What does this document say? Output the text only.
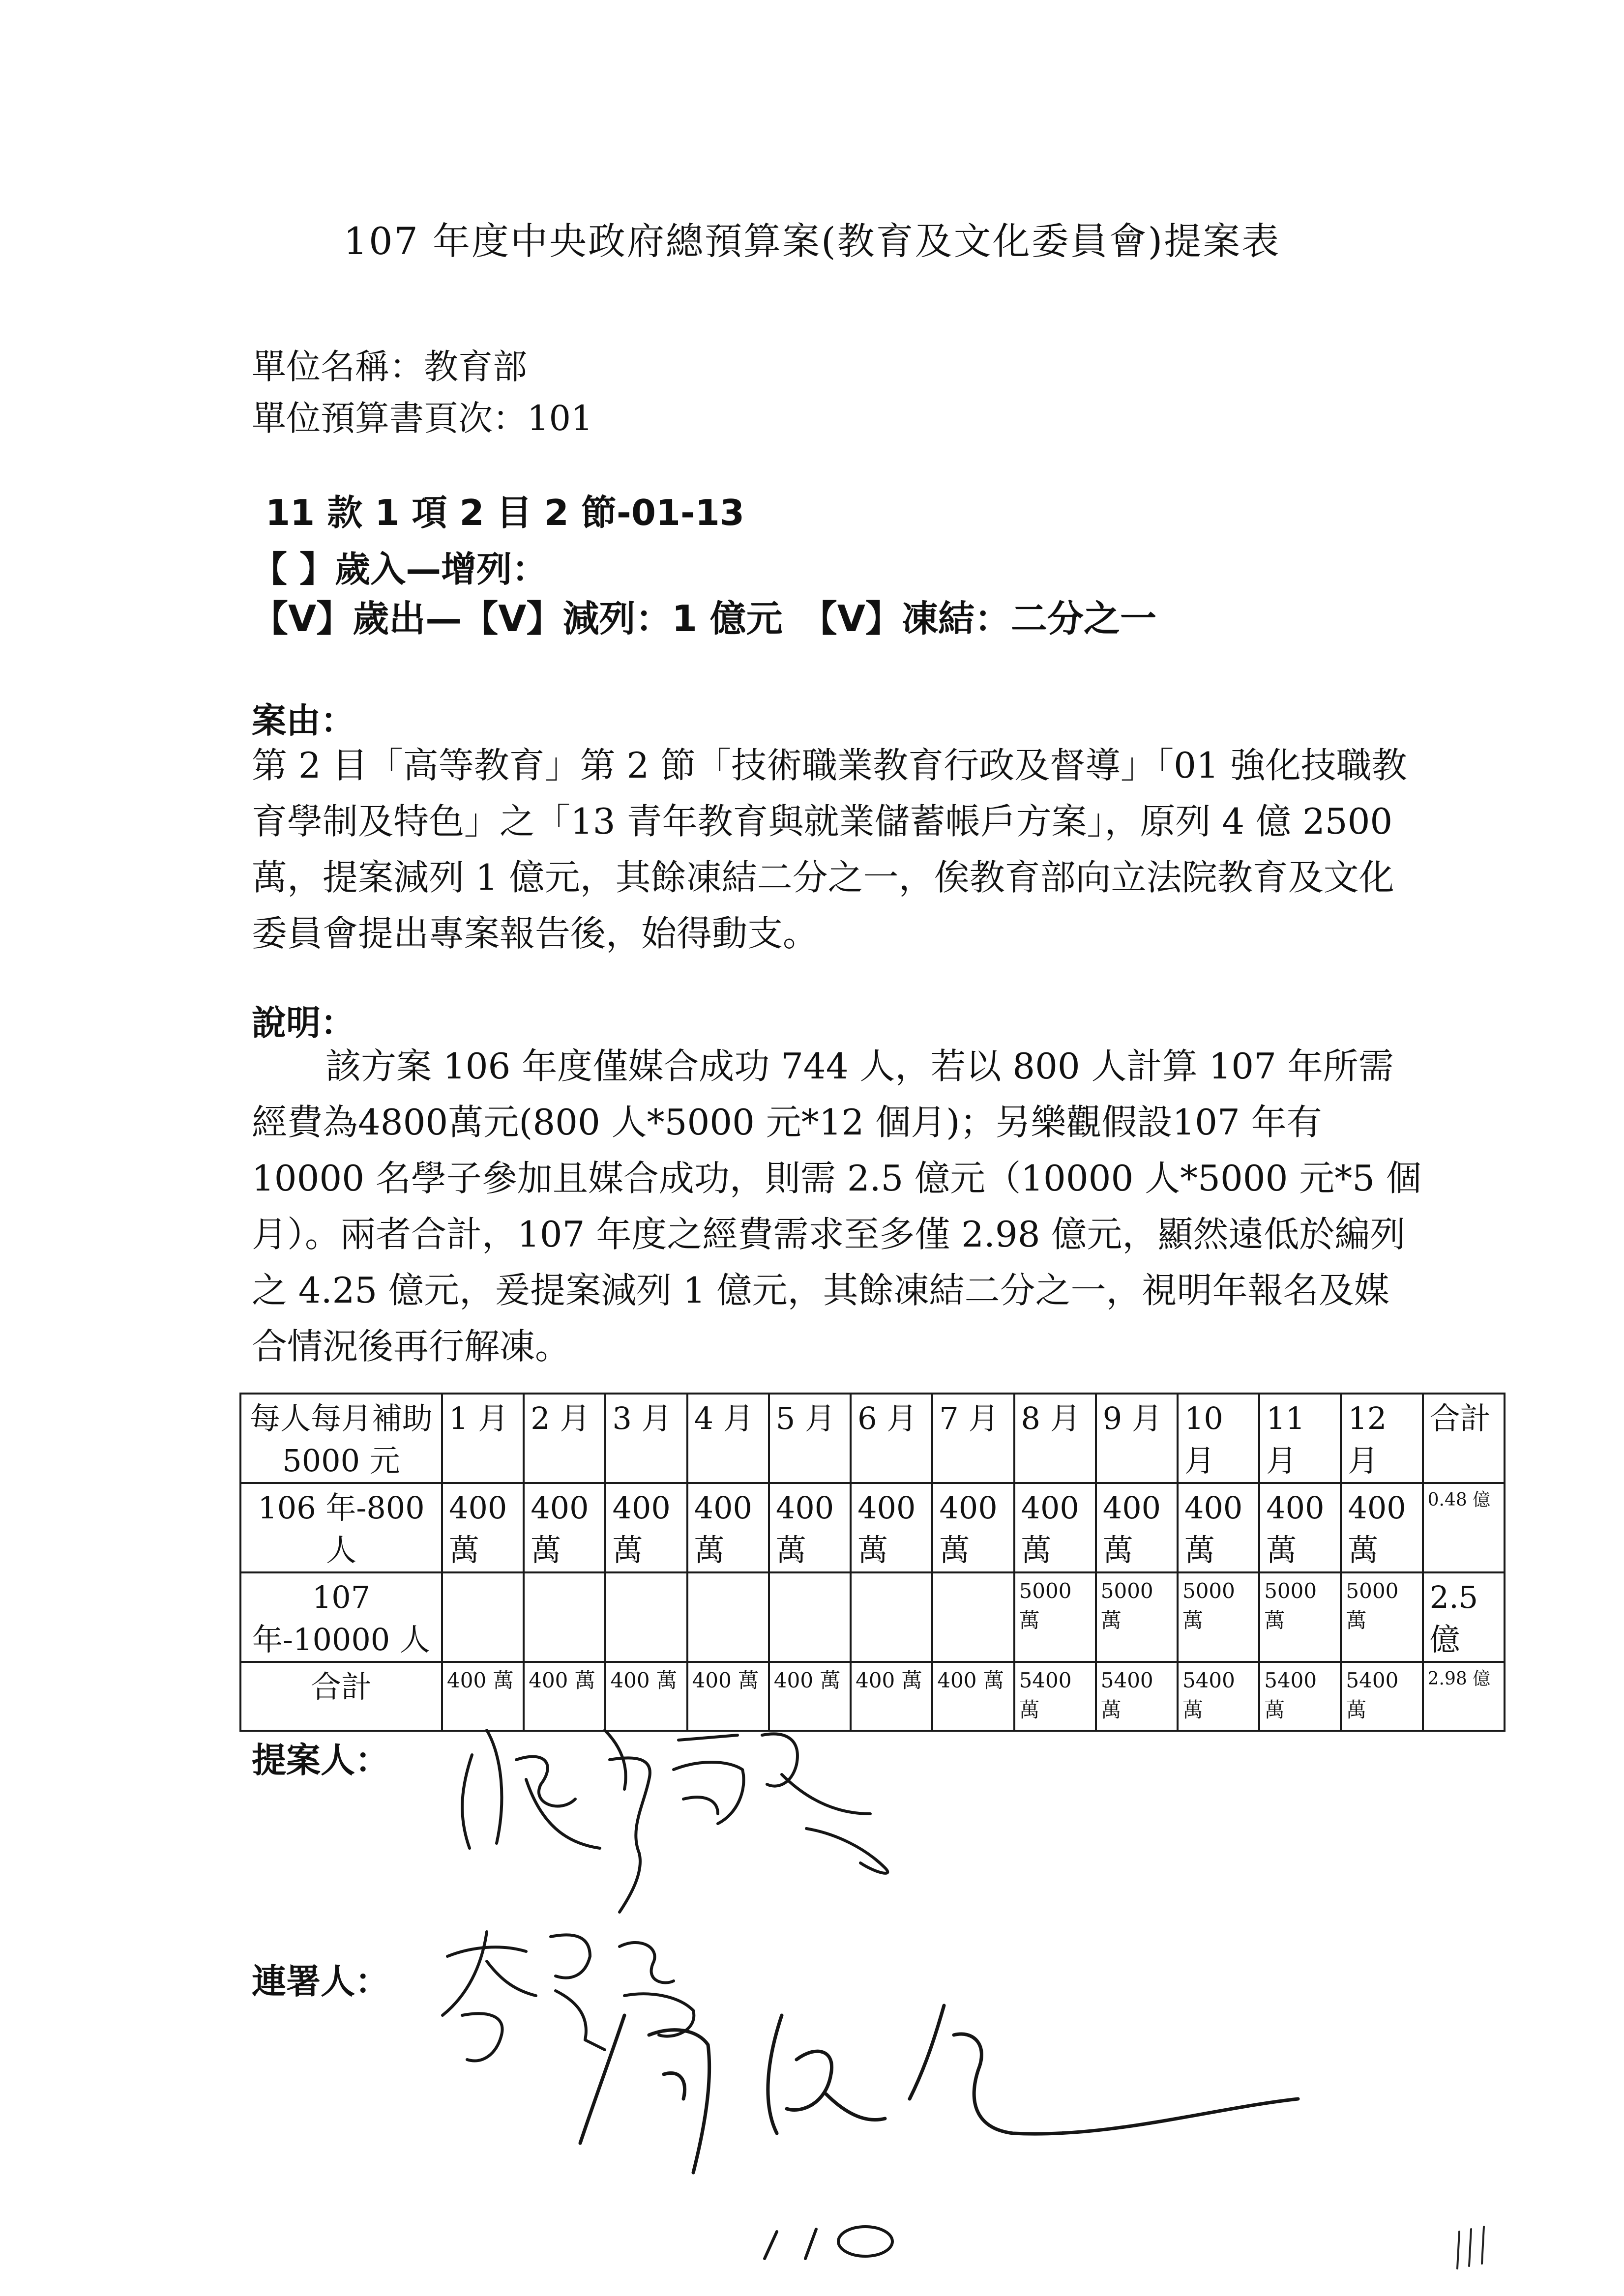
107 年度中央政府總預算案(教育及文化委員會)提案表
單位名稱：教育部
單位預算書頁次：101
11 款 1 項 2 目 2 節-01-13
【 】歲入—增列：
【V】歲出—【V】減列：1 億元　【V】凍結：二分之一
案由：
第 2 目「高等教育」第 2 節「技術職業教育行政及督導」「01 強化技職教育學制及特色」之「13 青年教育與就業儲蓄帳戶方案」，原列 4 億 2500 萬，提案減列 1 億元，其餘凍結二分之一，俟教育部向立法院教育及文化委員會提出專案報告後，始得動支。
說明：
該方案 106 年度僅媒合成功 744 人，若以 800 人計算 107 年所需經費為4800萬元(800 人*5000 元*12 個月)；另樂觀假設107 年有 10000 名學子參加且媒合成功，則需 2.5 億元（10000 人*5000 元*5 個月）。兩者合計，107 年度之經費需求至多僅 2.98 億元，顯然遠低於編列之 4.25 億元，爰提案減列 1 億元，其餘凍結二分之一，視明年報名及媒合情況後再行解凍。
每人每月補助5000 元	1 月	2 月	3 月	4 月	5 月	6 月	7 月	8 月	9 月	10 月	11 月	12 月	合計
106 年-800 人	400 萬	400 萬	400 萬	400 萬	400 萬	400 萬	400 萬	400 萬	400 萬	400 萬	400 萬	400 萬	0.48 億
107 年-10000 人								5000 萬	5000 萬	5000 萬	5000 萬	5000 萬	2.5 億
合計	400 萬	400 萬	400 萬	400 萬	400 萬	400 萬	400 萬	5400 萬	5400 萬	5400 萬	5400 萬	5400 萬	2.98 億
提案人：
連署人：
110
